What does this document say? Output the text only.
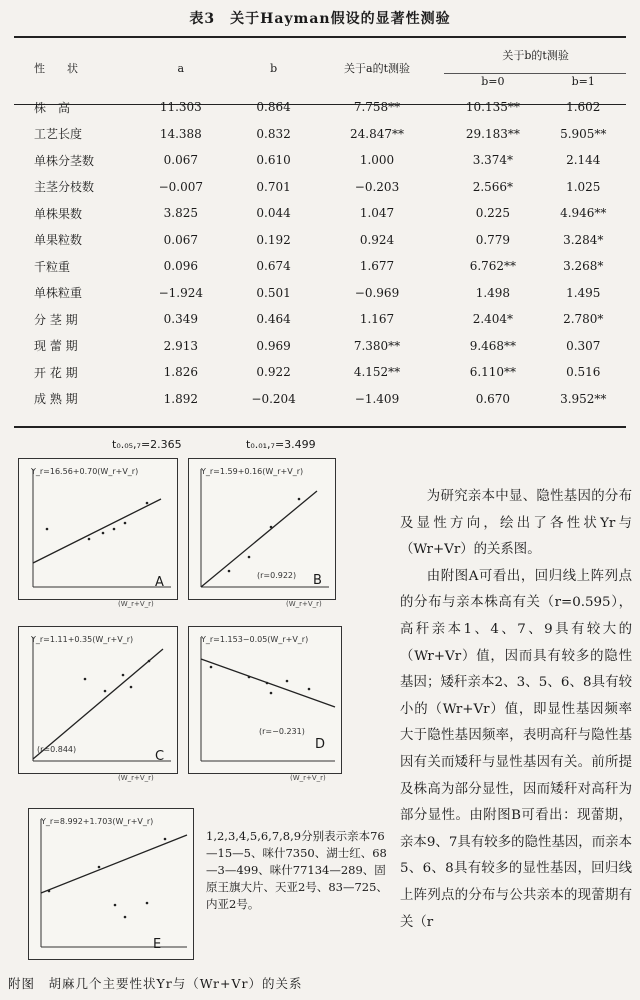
表3　关于Hayman假设的显著性测验
性　　状	a	b	关于a的t测验	关于b的t测验	
				b=0	b=1
株　高	11.303	0.864	7.758**	10.135**	1.602
工艺长度	14.388	0.832	24.847**	29.183**	5.905**
单株分茎数	0.067	0.610	1.000	3.374*	2.144
主茎分枝数	−0.007	0.701	−0.203	2.566*	1.025
单株果数	3.825	0.044	1.047	0.225	4.946**
单果粒数	0.067	0.192	0.924	0.779	3.284*
千粒重	0.096	0.674	1.677	6.762**	3.268*
单株粒重	−1.924	0.501	−0.969	1.498	1.495
分 茎 期	0.349	0.464	1.167	2.404*	2.780*
现 蕾 期	2.913	0.969	7.380**	9.468**	0.307
开 花 期	1.826	0.922	4.152**	6.110**	0.516
成 熟 期	1.892	−0.204	−1.409	0.670	3.952**
t₀.₀₅,₇=2.365	t₀.₀₁,₇=3.499
Y_r=16.56+0.70(W_r+V_r)
A
(W_r+V_r)
Y_r=1.59+0.16(W_r+V_r)
(r=0.922) B
(W_r+V_r)
Y_r=1.11+0.35(W_r+V_r)
(r=0.844)	C
(W_r+V_r)
Y_r=1.153−0.05(W_r+V_r)
(r=−0.231)
D
(W_r+V_r)
Y_r=8.992+1.703(W_r+V_r)
E
1,2,3,4,5,6,7,8,9分别表示亲本76—15—5、咪什7350、湖士红、68—3—499、咪什77134—289、固原王旗大片、天亚2号、83—725、内亚2号。

为研究亲本中显、隐性基因的分布及显性方向，绘出了各性状Yr与（Wr+Vr）的关系图。

由附图A可看出，回归线上阵列点的分布与亲本株高有关（r=0.595），高秆亲本1、4、7、9具有较大的（Wr+Vr）值，因而具有较多的隐性基因；矮秆亲本2、3、5、6、8具有较小的（Wr+Vr）值，即显性基因频率大于隐性基因频率，表明高秆与隐性基因有关而矮秆与显性基因有关。前所提及株高为部分显性，因而矮秆对高秆为部分显性。由附图B可看出：现蕾期，亲本9、7具有较多的隐性基因，而亲本5、6、8具有较多的显性基因，回归线上阵列点的分布与公共亲本的现蕾期有关（r

附图　胡麻几个主要性状Yr与（Wr+Vr）的关系
